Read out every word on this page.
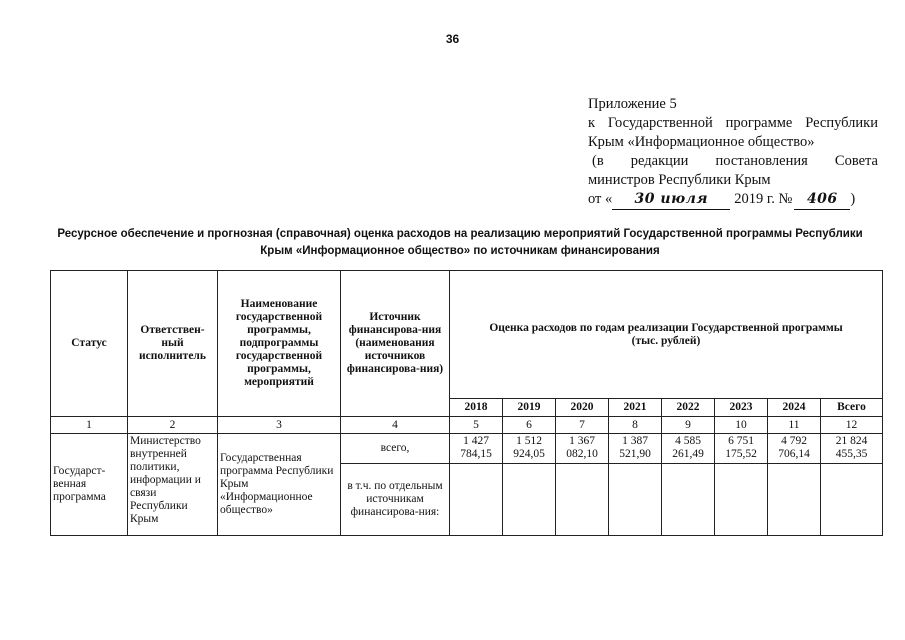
36
Приложение 5
к Государственной программе Республики
Крым «Информационное общество»
(в редакции постановления Совета
министров Республики Крым
от «	30 июля	2019 г. №	406 )
Ресурсное обеспечение и прогнозная (справочная) оценка расходов на реализацию мероприятий Государственной программы Республики Крым «Информационное общество» по источникам финансирования
Статус	Ответствен-ный исполнитель	Наименование государственной программы, подпрограммы государственной программы, мероприятий	Источник финансирова-ния (наименования источников финансирова-ния)	Оценка расходов по годам реализации Государственной программы (тыс. рублей)							
				2018	2019	2020	2021	2022	2023	2024	Всего
1	2	3	4	5	6	7	8	9	10	11	12
Государст-венная программа	Министерство внутренней политики, информации и связи Республики Крым	Государственная программа Республики Крым «Информационное общество»	всего,	1 427 784,15	1 512 924,05	1 367 082,10	1 387 521,90	4 585 261,49	6 751 175,52	4 792 706,14	21 824 455,35
			в т.ч. по отдельным источникам финансирова-ния:								
